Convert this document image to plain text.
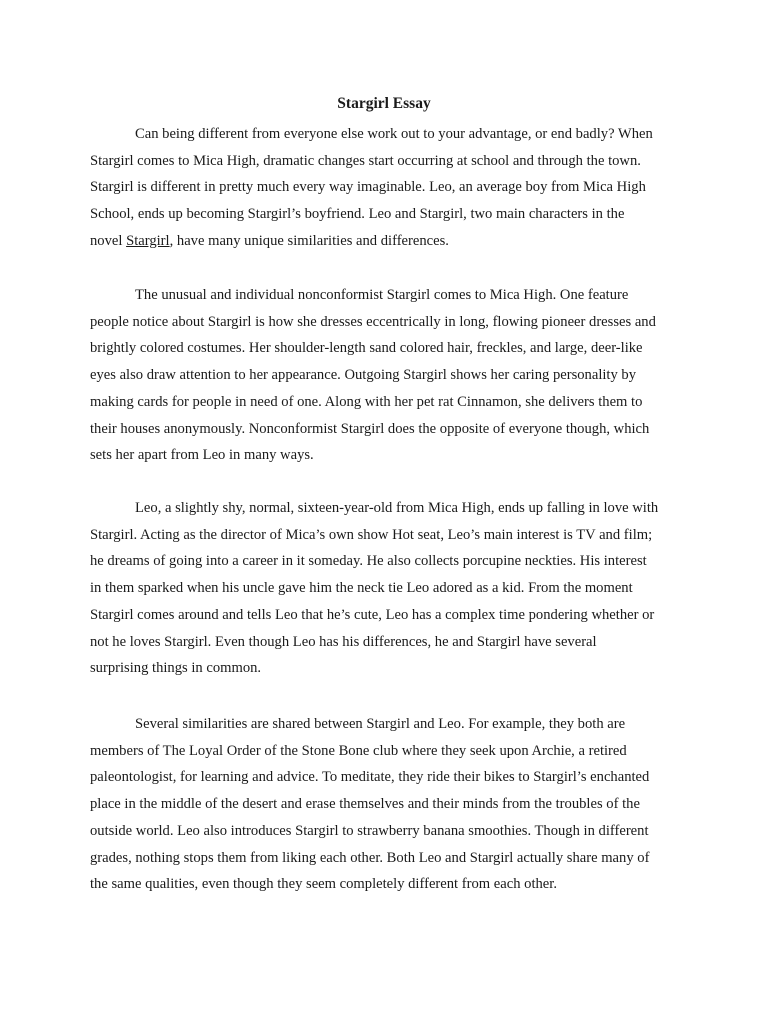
Stargirl Essay

Can being different from everyone else work out to your advantage, or end badly? When
Stargirl comes to Mica High, dramatic changes start occurring at school and through the town.
Stargirl is different in pretty much every way imaginable. Leo, an average boy from Mica High
School, ends up becoming Stargirl’s boyfriend. Leo and Stargirl, two main characters in the
novel Stargirl, have many unique similarities and differences.

The unusual and individual nonconformist Stargirl comes to Mica High. One feature
people notice about Stargirl is how she dresses eccentrically in long, flowing pioneer dresses and
brightly colored costumes. Her shoulder-length sand colored hair, freckles, and large, deer-like
eyes also draw attention to her appearance. Outgoing Stargirl shows her caring personality by
making cards for people in need of one. Along with her pet rat Cinnamon, she delivers them to
their houses anonymously. Nonconformist Stargirl does the opposite of everyone though, which
sets her apart from Leo in many ways.

Leo, a slightly shy, normal, sixteen-year-old from Mica High, ends up falling in love with
Stargirl. Acting as the director of Mica’s own show Hot seat, Leo’s main interest is TV and film;
he dreams of going into a career in it someday. He also collects porcupine neckties. His interest
in them sparked when his uncle gave him the neck tie Leo adored as a kid. From the moment
Stargirl comes around and tells Leo that he’s cute, Leo has a complex time pondering whether or
not he loves Stargirl. Even though Leo has his differences, he and Stargirl have several
surprising things in common.

Several similarities are shared between Stargirl and Leo. For example, they both are
members of The Loyal Order of the Stone Bone club where they seek upon Archie, a retired
paleontologist, for learning and advice. To meditate, they ride their bikes to Stargirl’s enchanted
place in the middle of the desert and erase themselves and their minds from the troubles of the
outside world. Leo also introduces Stargirl to strawberry banana smoothies. Though in different
grades, nothing stops them from liking each other. Both Leo and Stargirl actually share many of
the same qualities, even though they seem completely different from each other.
